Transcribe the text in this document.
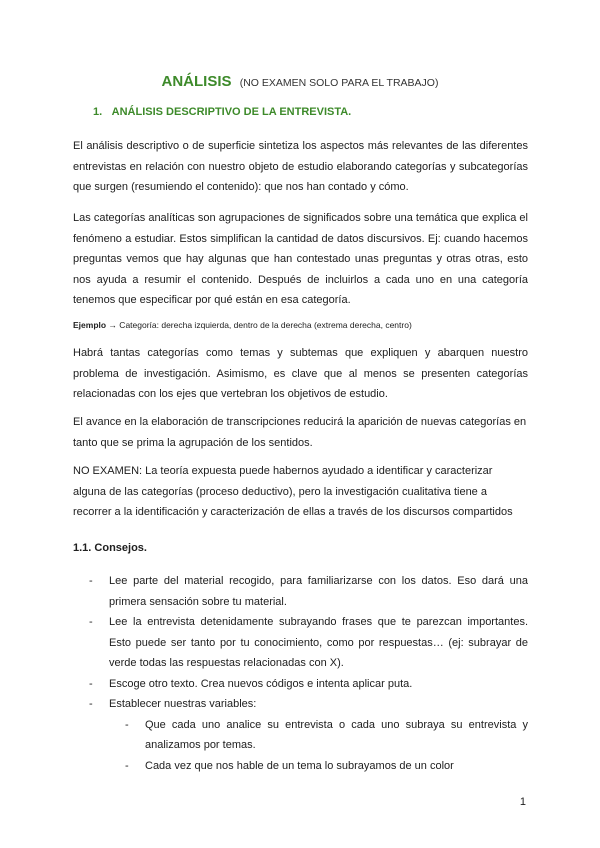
ANÁLISIS (NO EXAMEN SOLO PARA EL TRABAJO)
1. ANÁLISIS DESCRIPTIVO DE LA ENTREVISTA.

El análisis descriptivo o de superficie sintetiza los aspectos más relevantes de las diferentes entrevistas en relación con nuestro objeto de estudio elaborando categorías y subcategorías que surgen (resumiendo el contenido): que nos han contado y cómo.

Las categorías analíticas son agrupaciones de significados sobre una temática que explica el fenómeno a estudiar. Estos simplifican la cantidad de datos discursivos. Ej: cuando hacemos preguntas vemos que hay algunas que han contestado unas preguntas y otras otras, esto nos ayuda a resumir el contenido. Después de incluirlos a cada uno en una categoría tenemos que especificar por qué están en esa categoría.

Ejemplo → Categoría: derecha izquierda, dentro de la derecha (extrema derecha, centro)

Habrá tantas categorías como temas y subtemas que expliquen y abarquen nuestro problema de investigación. Asimismo, es clave que al menos se presenten categorías relacionadas con los ejes que vertebran los objetivos de estudio.

El avance en la elaboración de transcripciones reducirá la aparición de nuevas categorías en tanto que se prima la agrupación de los sentidos.

NO EXAMEN: La teoría expuesta puede habernos ayudado a identificar y caracterizar alguna de las categorías (proceso deductivo), pero la investigación cualitativa tiene a recorrer a la identificación y caracterización de ellas a través de los discursos compartidos

1.1. Consejos.
- Lee parte del material recogido, para familiarizarse con los datos. Eso dará una primera sensación sobre tu material.
- Lee la entrevista detenidamente subrayando frases que te parezcan importantes. Esto puede ser tanto por tu conocimiento, como por respuestas… (ej: subrayar de verde todas las respuestas relacionadas con X).
- Escoge otro texto. Crea nuevos códigos e intenta aplicar puta.
- Establecer nuestras variables:
- Que cada uno analice su entrevista o cada uno subraya su entrevista y analizamos por temas.
- Cada vez que nos hable de un tema lo subrayamos de un color
1
